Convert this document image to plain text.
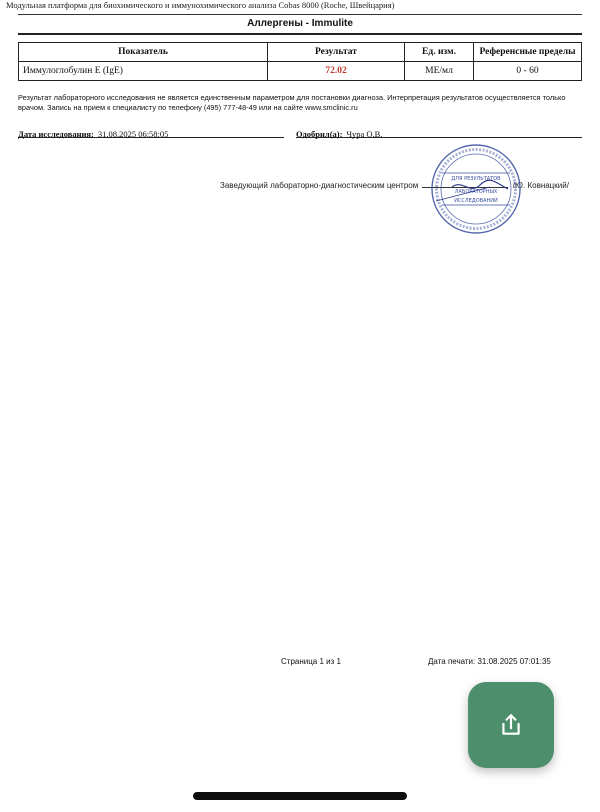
Модульная платформа для биохимического и иммунохимического анализа Cobas 8000 (Roche, Швейцария)
Аллергены - Immulite
Показатель	Результат	Ед. изм.	Референсные пределы
Иммулоглобулин Е (IgE)	72.02	МЕ/мл	0 - 60
Результат лабораторного исследования не является единственным параметром для постановки диагноза. Интерпретация результатов осуществляется только врачом. Запись на прием к специалисту по телефону (495) 777-48-49 или на сайте www.smclinic.ru
Дата исследования: 31.08.2025 06:58:05	Одобрил(а): Чура О.В.
Заведующий лабораторно-диагностическим центром	/Ю. Ковнацкий/
ДЛЯ РЕЗУЛЬТАТОВ
ЛАБОРАТОРНЫХ
ИССЛЕДОВАНИЙ
Страница 1 из 1	Дата печати: 31.08.2025 07:01:35
